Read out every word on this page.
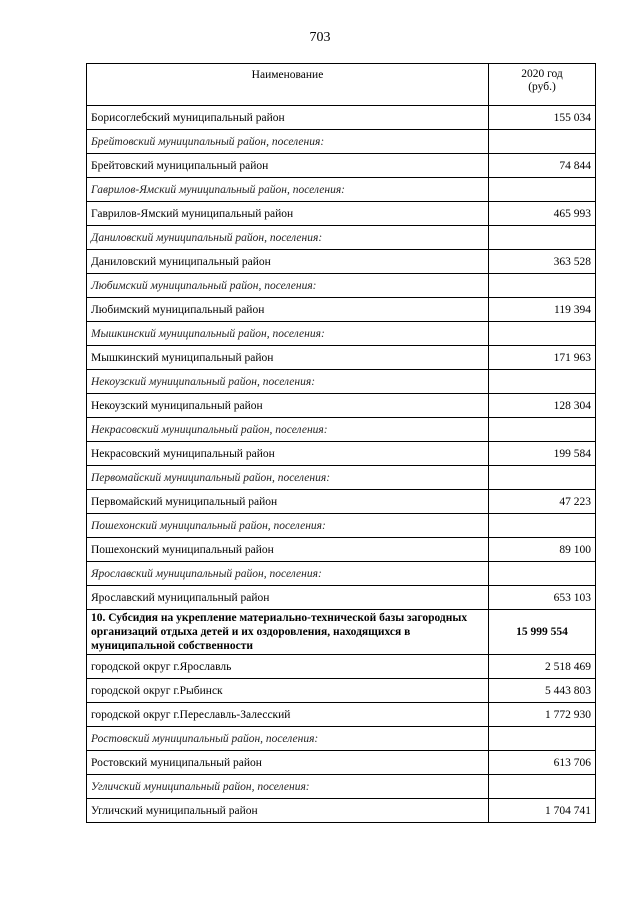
703
Наименование	2020 год
(руб.)

Борисоглебский муниципальный район	155 034
Брейтовский муниципальный район, поселения:	
Брейтовский муниципальный район	74 844
Гаврилов-Ямский муниципальный район, поселения:	
Гаврилов-Ямский муниципальный район	465 993
Даниловский муниципальный район, поселения:	
Даниловский муниципальный район	363 528
Любимский муниципальный район, поселения:	
Любимский муниципальный район	119 394
Мышкинский муниципальный район, поселения:	
Мышкинский муниципальный район	171 963
Некоузский муниципальный район, поселения:	
Некоузский муниципальный район	128 304
Некрасовский муниципальный район, поселения:	
Некрасовский муниципальный район	199 584
Первомайский муниципальный район, поселения:	
Первомайский муниципальный район	47 223
Пошехонский муниципальный район, поселения:	
Пошехонский муниципальный район	89 100
Ярославский муниципальный район, поселения:	
Ярославский муниципальный район	653 103
10. Субсидия на укрепление материально-технической базы загородных организаций отдыха детей и их оздоровления, находящихся в муниципальной собственности	15 999 554
городской округ г.Ярославль	2 518 469
городской округ г.Рыбинск	5 443 803
городской округ г.Переславль-Залесский	1 772 930
Ростовский муниципальный район, поселения:	
Ростовский муниципальный район	613 706
Угличский муниципальный район, поселения:	
Угличский муниципальный район	1 704 741
